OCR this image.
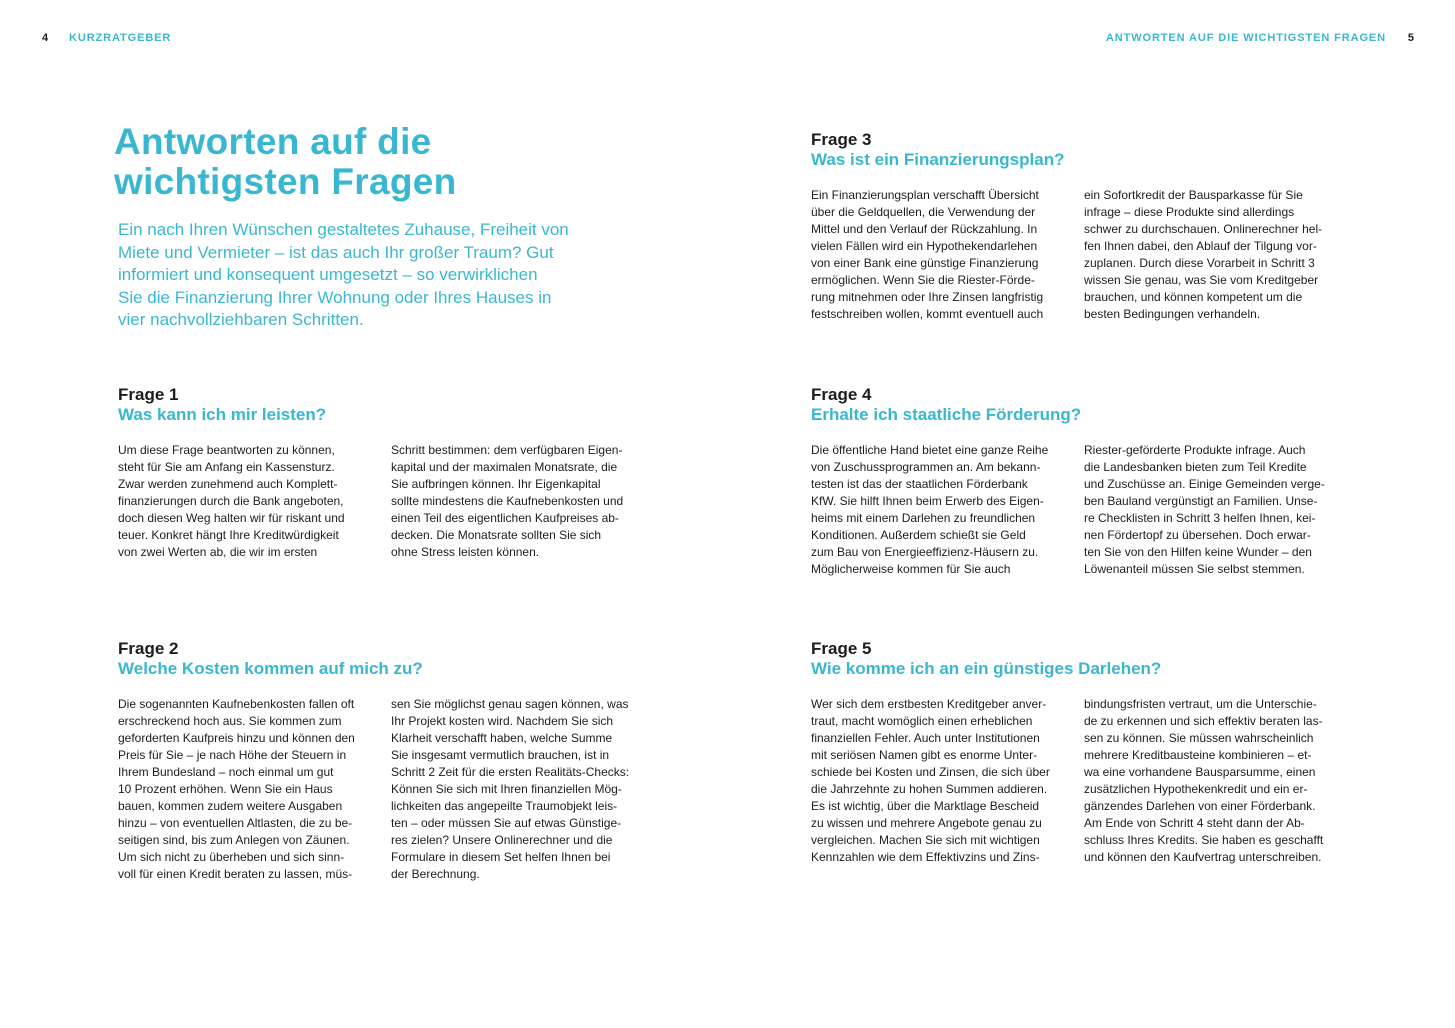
4 KURZRATGEBER	ANTWORTEN AUF DIE WICHTIGSTEN FRAGEN 5
Antworten auf die
wichtigsten Fragen

Ein nach Ihren Wünschen gestaltetes Zuhause, Freiheit von
Miete und Vermieter – ist das auch Ihr großer Traum? Gut
informiert und konsequent umgesetzt – so verwirklichen
Sie die Finanzierung Ihrer Wohnung oder Ihres Hauses in
vier nachvollziehbaren Schritten.

Frage 1
Was kann ich mir leisten?
Um diese Frage beantworten zu können,
steht für Sie am Anfang ein Kassensturz.
Zwar werden zunehmend auch Komplett-
finanzierungen durch die Bank angeboten,
doch diesen Weg halten wir für riskant und
teuer. Konkret hängt Ihre Kreditwürdigkeit
von zwei Werten ab, die wir im ersten
Schritt bestimmen: dem verfügbaren Eigen-
kapital und der maximalen Monatsrate, die
Sie aufbringen können. Ihr Eigenkapital
sollte mindestens die Kaufnebenkosten und
einen Teil des eigentlichen Kaufpreises ab-
decken. Die Monatsrate sollten Sie sich
ohne Stress leisten können.
Frage 2
Welche Kosten kommen auf mich zu?
Die sogenannten Kaufnebenkosten fallen oft
erschreckend hoch aus. Sie kommen zum
geforderten Kaufpreis hinzu und können den
Preis für Sie – je nach Höhe der Steuern in
Ihrem Bundesland – noch einmal um gut
10 Prozent erhöhen. Wenn Sie ein Haus
bauen, kommen zudem weitere Ausgaben
hinzu – von eventuellen Altlasten, die zu be-
seitigen sind, bis zum Anlegen von Zäunen.
Um sich nicht zu überheben und sich sinn-
voll für einen Kredit beraten zu lassen, müs-
sen Sie möglichst genau sagen können, was
Ihr Projekt kosten wird. Nachdem Sie sich
Klarheit verschafft haben, welche Summe
Sie insgesamt vermutlich brauchen, ist in
Schritt 2 Zeit für die ersten Realitäts-Checks:
Können Sie sich mit Ihren finanziellen Mög-
lichkeiten das angepeilte Traumobjekt leis-
ten – oder müssen Sie auf etwas Günstige-
res zielen? Unsere Onlinerechner und die
Formulare in diesem Set helfen Ihnen bei
der Berechnung.
Frage 3
Was ist ein Finanzierungsplan?
Ein Finanzierungsplan verschafft Übersicht
über die Geldquellen, die Verwendung der
Mittel und den Verlauf der Rückzahlung. In
vielen Fällen wird ein Hypothekendarlehen
von einer Bank eine günstige Finanzierung
ermöglichen. Wenn Sie die Riester-Förde-
rung mitnehmen oder Ihre Zinsen langfristig
festschreiben wollen, kommt eventuell auch
ein Sofortkredit der Bausparkasse für Sie
infrage – diese Produkte sind allerdings
schwer zu durchschauen. Onlinerechner hel-
fen Ihnen dabei, den Ablauf der Tilgung vor-
zuplanen. Durch diese Vorarbeit in Schritt 3
wissen Sie genau, was Sie vom Kreditgeber
brauchen, und können kompetent um die
besten Bedingungen verhandeln.
Frage 4
Erhalte ich staatliche Förderung?
Die öffentliche Hand bietet eine ganze Reihe
von Zuschussprogrammen an. Am bekann-
testen ist das der staatlichen Förderbank
KfW. Sie hilft Ihnen beim Erwerb des Eigen-
heims mit einem Darlehen zu freundlichen
Konditionen. Außerdem schießt sie Geld
zum Bau von Energieeffizienz-Häusern zu.
Möglicherweise kommen für Sie auch
Riester-geförderte Produkte infrage. Auch
die Landesbanken bieten zum Teil Kredite
und Zuschüsse an. Einige Gemeinden verge-
ben Bauland vergünstigt an Familien. Unse-
re Checklisten in Schritt 3 helfen Ihnen, kei-
nen Fördertopf zu übersehen. Doch erwar-
ten Sie von den Hilfen keine Wunder – den
Löwenanteil müssen Sie selbst stemmen.
Frage 5
Wie komme ich an ein günstiges Darlehen?
Wer sich dem erstbesten Kreditgeber anver-
traut, macht womöglich einen erheblichen
finanziellen Fehler. Auch unter Institutionen
mit seriösen Namen gibt es enorme Unter-
schiede bei Kosten und Zinsen, die sich über
die Jahrzehnte zu hohen Summen addieren.
Es ist wichtig, über die Marktlage Bescheid
zu wissen und mehrere Angebote genau zu
vergleichen. Machen Sie sich mit wichtigen
Kennzahlen wie dem Effektivzins und Zins-
bindungsfristen vertraut, um die Unterschie-
de zu erkennen und sich effektiv beraten las-
sen zu können. Sie müssen wahrscheinlich
mehrere Kreditbausteine kombinieren – et-
wa eine vorhandene Bausparsumme, einen
zusätzlichen Hypothekenkredit und ein er-
gänzendes Darlehen von einer Förderbank.
Am Ende von Schritt 4 steht dann der Ab-
schluss Ihres Kredits. Sie haben es geschafft
und können den Kaufvertrag unterschreiben.
